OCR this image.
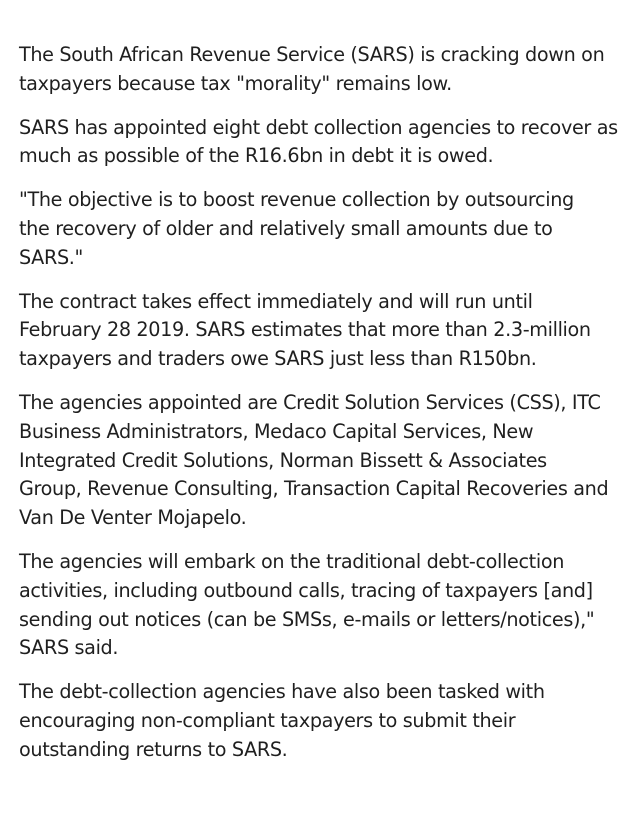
The South African Revenue Service (SARS) is cracking down on
taxpayers because tax "morality" remains low.

SARS has appointed eight debt collection agencies to recover as
much as possible of the R16.6bn in debt it is owed.

"The objective is to boost revenue collection by outsourcing
the recovery of older and relatively small amounts due to
SARS."

The contract takes effect immediately and will run until
February 28 2019. SARS estimates that more than 2.3-million
taxpayers and traders owe SARS just less than R150bn.

The agencies appointed are Credit Solution Services (CSS), ITC
Business Administrators, Medaco Capital Services, New
Integrated Credit Solutions, Norman Bissett & Associates
Group, Revenue Consulting, Transaction Capital Recoveries and
Van De Venter Mojapelo.

The agencies will embark on the traditional debt-collection
activities, including outbound calls, tracing of taxpayers [and]
sending out notices (can be SMSs, e-mails or letters/notices),"
SARS said.

The debt-collection agencies have also been tasked with
encouraging non-compliant taxpayers to submit their
outstanding returns to SARS.
